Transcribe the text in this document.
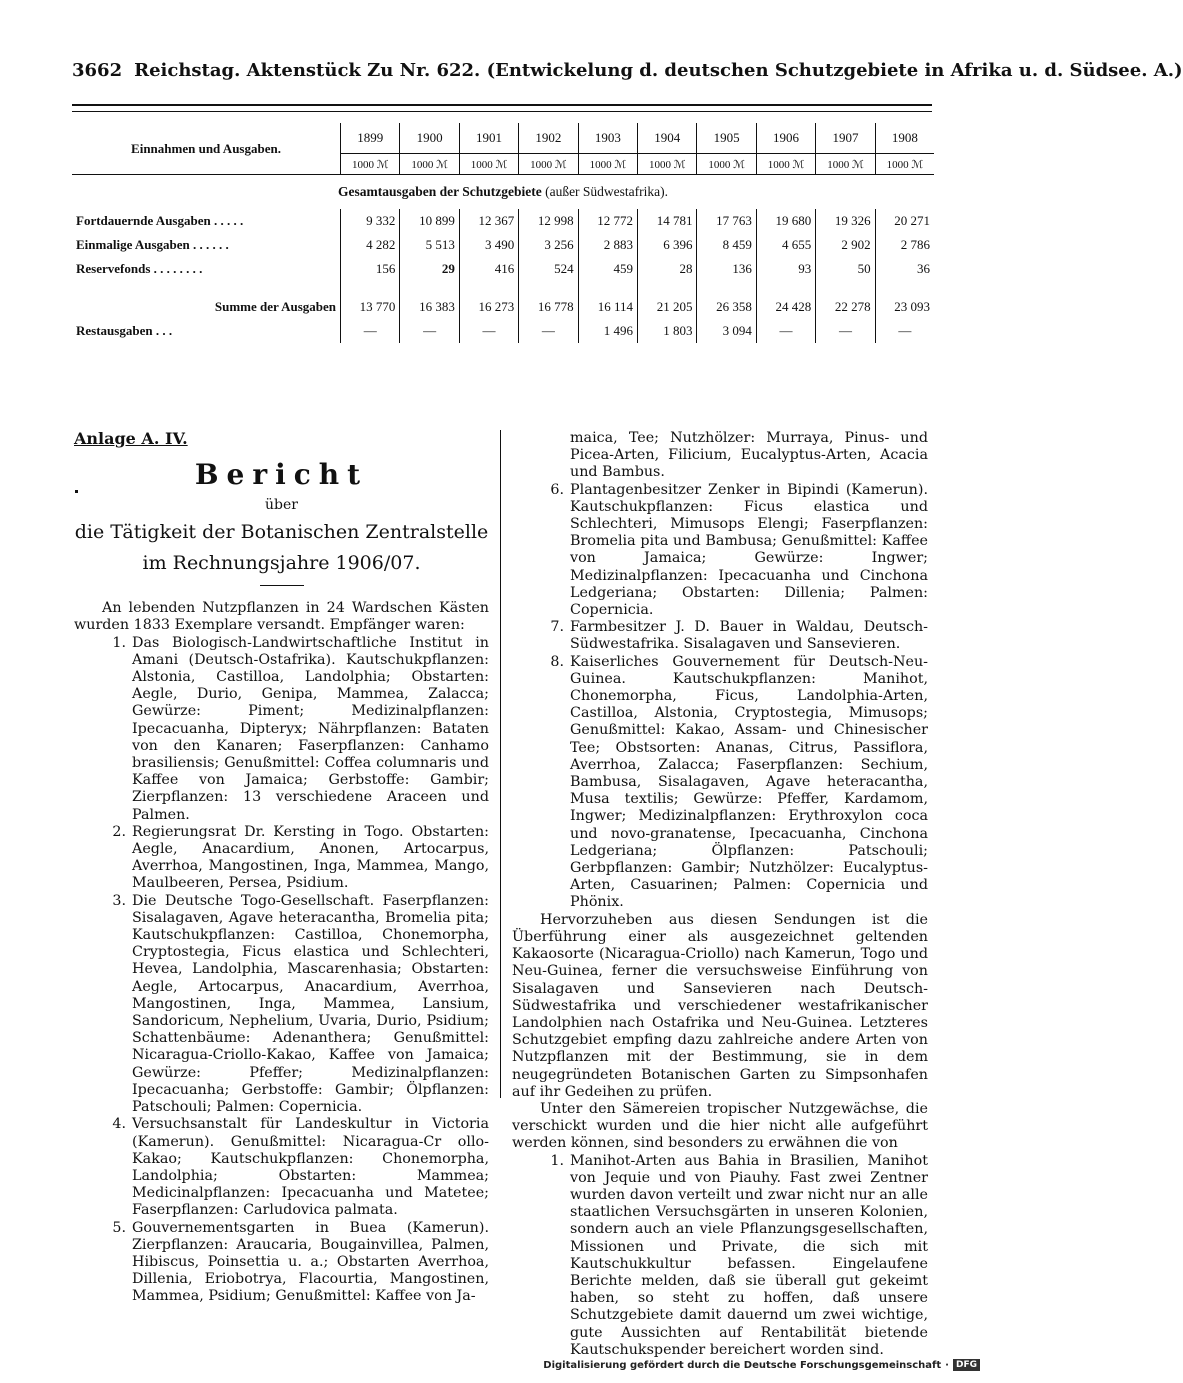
3662 Reichstag. Aktenstück Zu Nr. 622. (Entwickelung d. deutschen Schutzgebiete in Afrika u. d. Südsee. A.)
Einnahmen und Ausgaben.	1899	1900	1901	1902	1903	1904	1905	1906	1907	1908
	1000 ℳ	1000 ℳ	1000 ℳ	1000 ℳ	1000 ℳ	1000 ℳ	1000 ℳ	1000 ℳ	1000 ℳ	1000 ℳ
Gesamtausgaben der Schutzgebiete (außer Südwestafrika).										
Fortdauernde Ausgaben . . . . .	9 332	10 899	12 367	12 998	12 772	14 781	17 763	19 680	19 326	20 271
Einmalige Ausgaben . . . . . .	4 282	5 513	3 490	3 256	2 883	6 396	8 459	4 655	2 902	2 786
Reservefonds . . . . . . . .	156	29	416	524	459	28	136	93	50	36

Summe der Ausgaben	13 770	16 383	16 273	16 778	16 114	21 205	26 358	24 428	22 278	23 093
Restausgaben . . .	—	—	—	—	1 496	1 803	3 094	—	—	—
Anlage A. IV.
Bericht
über
die Tätigkeit der Botanischen Zentralstelle
im Rechnungsjahre 1906/07.

An lebenden Nutzpflanzen in 24 Wardschen Kästen wurden 1833 Exemplare versandt. Empfänger waren:

1. Das Biologisch-Landwirtschaftliche Institut in Amani (Deutsch-Ostafrika). Kautschukpflanzen: Alstonia, Castilloa, Landolphia; Obstarten: Aegle, Durio, Genipa, Mammea, Zalacca; Gewürze: Piment; Medizinalpflanzen: Ipecacuanha, Dipteryx; Nährpflanzen: Bataten von den Kanaren; Faserpflanzen: Canhamo brasiliensis; Genußmittel: Coffea columnaris und Kaffee von Jamaica; Gerbstoffe: Gambir; Zierpflanzen: 13 verschiedene Araceen und Palmen.
2. Regierungsrat Dr. Kersting in Togo. Obstarten: Aegle, Anacardium, Anonen, Artocarpus, Averrhoa, Mangostinen, Inga, Mammea, Mango, Maulbeeren, Persea, Psidium.
3. Die Deutsche Togo-Gesellschaft. Faserpflanzen: Sisalagaven, Agave heteracantha, Bromelia pita; Kautschukpflanzen: Castilloa, Chonemorpha, Cryptostegia, Ficus elastica und Schlechteri, Hevea, Landolphia, Mascarenhasia; Obstarten: Aegle, Artocarpus, Anacardium, Averrhoa, Mangostinen, Inga, Mammea, Lansium, Sandoricum, Nephelium, Uvaria, Durio, Psidium; Schattenbäume: Adenanthera; Genußmittel: Nicaragua-Criollo-Kakao, Kaffee von Jamaica; Gewürze: Pfeffer; Medizinalpflanzen: Ipecacuanha; Gerbstoffe: Gambir; Ölpflanzen: Patschouli; Palmen: Copernicia.
4. Versuchsanstalt für Landeskultur in Victoria (Kamerun). Genußmittel: Nicaragua-Cr ollo-Kakao; Kautschukpflanzen: Chonemorpha, Landolphia; Obstarten: Mammea; Medicinalpflanzen: Ipecacuanha und Matetee; Faserpflanzen: Carludovica palmata.
5. Gouvernementsgarten in Buea (Kamerun). Zierpflanzen: Araucaria, Bougainvillea, Palmen, Hibiscus, Poinsettia u. a.; Obstarten Averrhoa, Dillenia, Eriobotrya, Flacourtia, Mangostinen, Mammea, Psidium; Genußmittel: Kaffee von Ja-

maica, Tee; Nutzhölzer: Murraya, Pinus- und Picea-Arten, Filicium, Eucalyptus-Arten, Acacia und Bambus.

6. Plantagenbesitzer Zenker in Bipindi (Kamerun). Kautschukpflanzen: Ficus elastica und Schlechteri, Mimusops Elengi; Faserpflanzen: Bromelia pita und Bambusa; Genußmittel: Kaffee von Jamaica; Gewürze: Ingwer; Medizinalpflanzen: Ipecacuanha und Cinchona Ledgeriana; Obstarten: Dillenia; Palmen: Copernicia.
7. Farmbesitzer J. D. Bauer in Waldau, Deutsch-Südwestafrika. Sisalagaven und Sansevieren.
8. Kaiserliches Gouvernement für Deutsch-Neu-Guinea. Kautschukpflanzen: Manihot, Chonemorpha, Ficus, Landolphia-Arten, Castilloa, Alstonia, Cryptostegia, Mimusops; Genußmittel: Kakao, Assam- und Chinesischer Tee; Obstsorten: Ananas, Citrus, Passiflora, Averrhoa, Zalacca; Faserpflanzen: Sechium, Bambusa, Sisalagaven, Agave heteracantha, Musa textilis; Gewürze: Pfeffer, Kardamom, Ingwer; Medizinalpflanzen: Erythroxylon coca und novo-granatense, Ipecacuanha, Cinchona Ledgeriana; Ölpflanzen: Patschouli; Gerbpflanzen: Gambir; Nutzhölzer: Eucalyptus-Arten, Casuarinen; Palmen: Copernicia und Phönix.

Hervorzuheben aus diesen Sendungen ist die Überführung einer als ausgezeichnet geltenden Kakaosorte (Nicaragua-Criollo) nach Kamerun, Togo und Neu-Guinea, ferner die versuchsweise Einführung von Sisalagaven und Sansevieren nach Deutsch-Südwestafrika und verschiedener westafrikanischer Landolphien nach Ostafrika und Neu-Guinea. Letzteres Schutzgebiet empfing dazu zahlreiche andere Arten von Nutzpflanzen mit der Bestimmung, sie in dem neugegründeten Botanischen Garten zu Simpsonhafen auf ihr Gedeihen zu prüfen.

Unter den Sämereien tropischer Nutzgewächse, die verschickt wurden und die hier nicht alle aufgeführt werden können, sind besonders zu erwähnen die von

1. Manihot-Arten aus Bahia in Brasilien, Manihot von Jequie und von Piauhy. Fast zwei Zentner wurden davon verteilt und zwar nicht nur an alle staatlichen Versuchsgärten in unseren Kolonien, sondern auch an viele Pflanzungsgesellschaften, Missionen und Private, die sich mit Kautschukkultur befassen. Eingelaufene Berichte melden, daß sie überall gut gekeimt haben, so steht zu hoffen, daß unsere Schutzgebiete damit dauernd um zwei wichtige, gute Aussichten auf Rentabilität bietende Kautschukspender bereichert worden sind.
Digitalisierung gefördert durch die Deutsche Forschungsgemeinschaft · DFG
